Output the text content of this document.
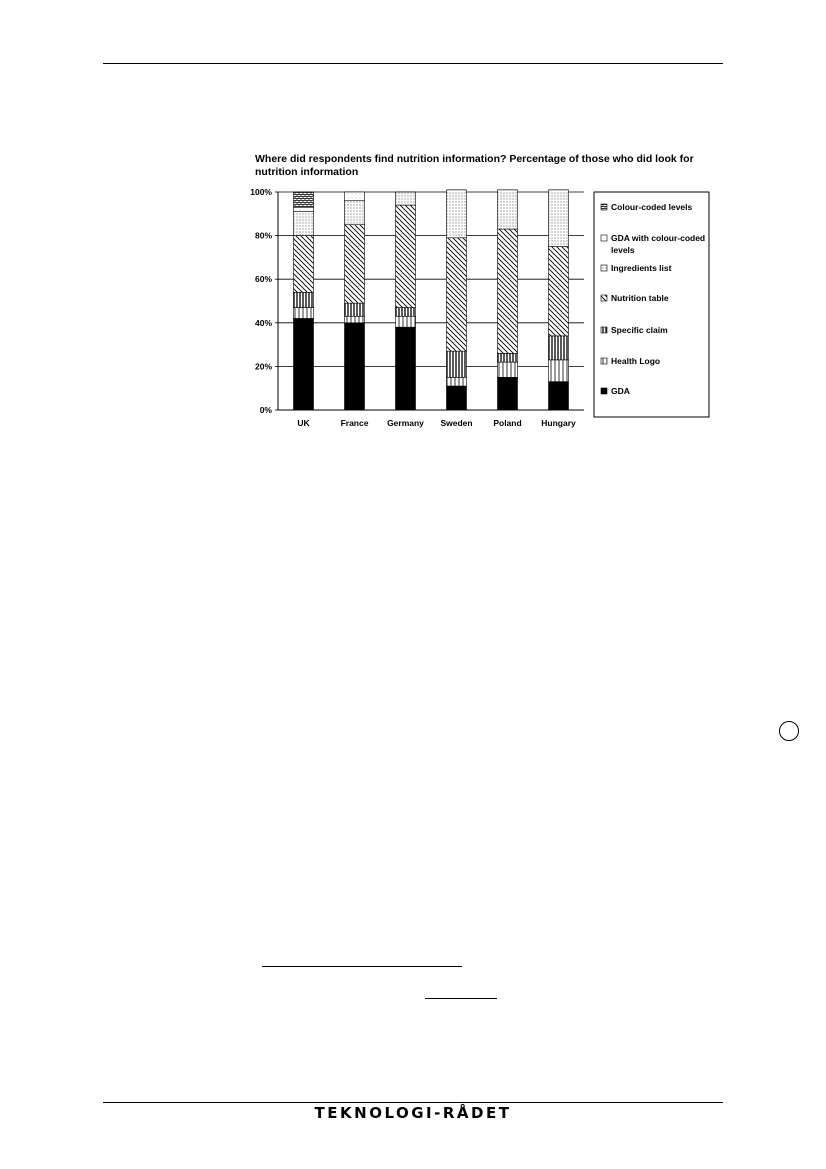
Where did respondents find nutrition information? Percentage of those who did look for nutrition information
0%
20%
40%
60%
80%
100%
UK	France Germany Sweden Poland Hungary
Colour-coded levels
GDA with colour-coded levels
Ingredients list
Nutrition table
Specific claim
Health Logo
GDA
TEKNOLOGI-RÅDET
